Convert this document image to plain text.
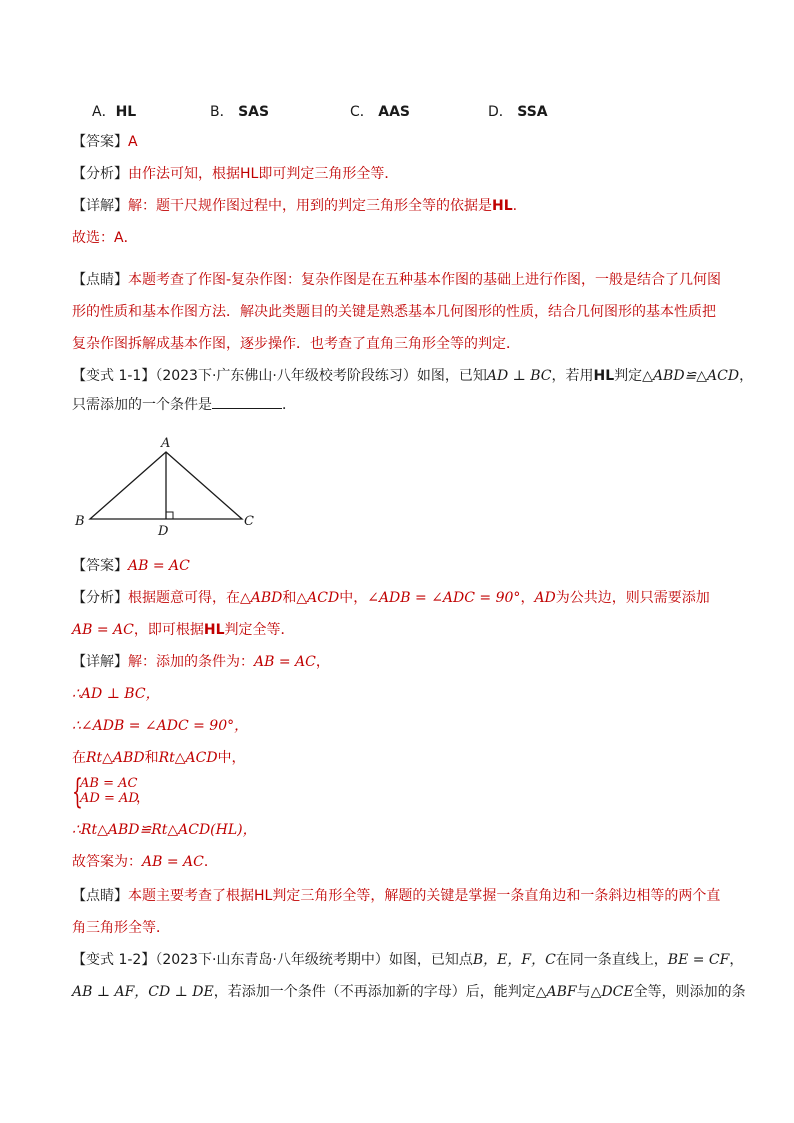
A．HL	B． SAS	C． AAS	D． SSA
【答案】A
【分析】由作法可知，根据HL即可判定三角形全等．
【详解】解：题干尺规作图过程中，用到的判定三角形全等的依据是HL.
故选：A．
【点睛】本题考查了作图-复杂作图：复杂作图是在五种基本作图的基础上进行作图，一般是结合了几何图
形的性质和基本作图方法．解决此类题目的关键是熟悉基本几何图形的性质，结合几何图形的基本性质把
复杂作图拆解成基本作图，逐步操作．也考查了直角三角形全等的判定．
【变式 1-1】（2023下·广东佛山·八年级校考阶段练习）如图，已知AD ⊥ BC，若用HL判定△ABD≌△ACD，
只需添加的一个条件是	．
A
B	C
D
【答案】AB = AC
【分析】根据题意可得，在△ABD和△ACD中，∠ADB = ∠ADC = 90°，AD为公共边，则只需要添加
AB = AC，即可根据HL判定全等．
【详解】解：添加的条件为：AB = AC，
∴AD ⊥ BC，
∴∠ADB = ∠ADC = 90°，
在Rt△ABD和Rt△ACD中，
{
AB = AC
AD = AD
，
∴Rt△ABD≌Rt△ACD(HL)，
故答案为：AB = AC．
【点睛】本题主要考查了根据HL判定三角形全等，解题的关键是掌握一条直角边和一条斜边相等的两个直
角三角形全等．
【变式 1-2】（2023下·山东青岛·八年级统考期中）如图，已知点B，E，F，C在同一条直线上，BE = CF，
AB ⊥ AF，CD ⊥ DE，若添加一个条件（不再添加新的字母）后，能判定△ABF与△DCE全等，则添加的条
